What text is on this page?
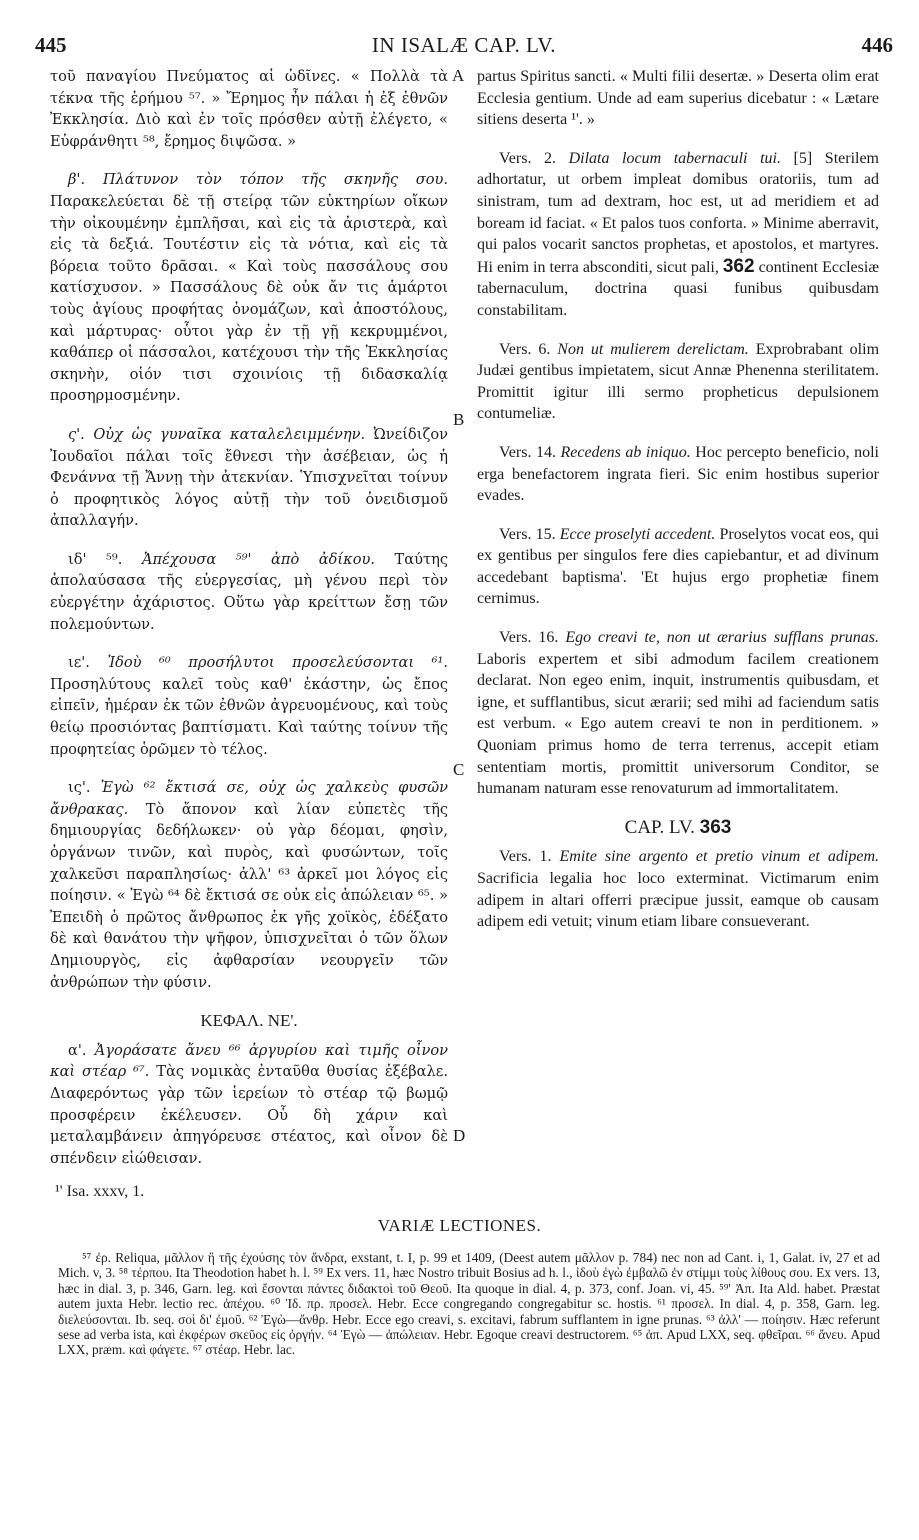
445	IN ISALÆ CAP. LV.	446

τοῦ παναγίου Πνεύματος αἱ ὠδῖνες. « Πολλὰ τὰ τέκνα τῆς ἐρήμου ⁵⁷. » Ἔρημος ἦν πάλαι ἡ ἐξ ἐθνῶν Ἐκκλησία. Διὸ καὶ ἐν τοῖς πρόσθεν αὐτῇ ἐλέγετο, « Εὐφράνθητι ⁵⁸, ἔρημος διψῶσα. »

β'. Πλάτυνον τὸν τόπον τῆς σκηνῆς σου. Παρακελεύεται δὲ τῇ στείρᾳ τῶν εὐκτηρίων οἴκων τὴν οἰκουμένην ἐμπλῆσαι, καὶ εἰς τὰ ἀριστερὰ, καὶ εἰς τὰ δεξιά. Τουτέστιν εἰς τὰ νότια, καὶ εἰς τὰ βόρεια τοῦτο δρᾶσαι. « Καὶ τοὺς πασσάλους σου κατίσχυσον. » Πασσάλους δὲ οὐκ ἄν τις ἁμάρτοι τοὺς ἁγίους προφήτας ὀνομάζων, καὶ ἀποστόλους, καὶ μάρτυρας· οὗτοι γὰρ ἐν τῇ γῇ κεκρυμμένοι, καθάπερ οἱ πάσσαλοι, κατέχουσι τὴν τῆς Ἐκκλησίας σκηνὴν, οἱόν τισι σχοινίοις τῇ διδασκαλίᾳ προσηρμοσμένην.

ς'. Οὐχ ὡς γυναῖκα καταλελειμμένην. Ὠνείδιζον Ἰουδαῖοι πάλαι τοῖς ἔθνεσι τὴν ἀσέβειαν, ὡς ἡ Φενάννα τῇ Ἄννῃ τὴν ἀτεκνίαν. Ὑπισχνεῖται τοίνυν ὁ προφητικὸς λόγος αὐτῇ τὴν τοῦ ὀνειδισμοῦ ἀπαλλαγήν.

ιδ' ⁵⁹. Ἀπέχουσα ⁵⁹' ἀπὸ ἀδίκου. Ταύτης ἀπολαύσασα τῆς εὐεργεσίας, μὴ γένου περὶ τὸν εὐεργέτην ἀχάριστος. Οὕτω γὰρ κρείττων ἔσῃ τῶν πολεμούντων.

ιε'. Ἰδοὺ ⁶⁰ προσήλυτοι προσελεύσονται ⁶¹. Προσηλύτους καλεῖ τοὺς καθ' ἑκάστην, ὡς ἔπος εἰπεῖν, ἡμέραν ἐκ τῶν ἐθνῶν ἀγρευομένους, καὶ τοὺς θείῳ προσιόντας βαπτίσματι. Καὶ ταύτης τοίνυν τῆς προφητείας ὁρῶμεν τὸ τέλος.

ις'. Ἐγὼ ⁶² ἔκτισά σε, οὐχ ὡς χαλκεὺς φυσῶν ἄνθρακας. Τὸ ἄπονον καὶ λίαν εὐπετὲς τῆς δημιουργίας δεδήλωκεν· οὐ γὰρ δέομαι, φησὶν, ὀργάνων τινῶν, καὶ πυρὸς, καὶ φυσώντων, τοῖς χαλκεῦσι παραπλησίως· ἀλλ' ⁶³ ἀρκεῖ μοι λόγος εἰς ποίησιν. « Ἐγὼ ⁶⁴ δὲ ἔκτισά σε οὐκ εἰς ἀπώλειαν ⁶⁵. » Ἐπειδὴ ὁ πρῶτος ἄνθρωπος ἐκ γῆς χοϊκὸς, ἐδέξατο δὲ καὶ θανάτου τὴν ψῆφον, ὑπισχνεῖται ὁ τῶν ὅλων Δημιουργὸς, εἰς ἀφθαρσίαν νεουργεῖν τῶν ἀνθρώπων τὴν φύσιν.

ΚΕΦΑΛ. ΝΕ'.

α'. Ἀγοράσατε ἄνευ ⁶⁶ ἀργυρίου καὶ τιμῆς οἶνον καὶ στέαρ ⁶⁷. Τὰς νομικὰς ἐνταῦθα θυσίας ἐξέβαλε. Διαφερόντως γὰρ τῶν ἱερείων τὸ στέαρ τῷ βωμῷ προσφέρειν ἐκέλευσεν. Οὗ δὴ χάριν καὶ μεταλαμβάνειν ἀπηγόρευσε στέατος, καὶ οἶνον δὲ σπένδειν εἰώθεισαν.

A
B
C
D

partus Spiritus sancti. « Multi filii desertæ. » Deserta olim erat Ecclesia gentium. Unde ad eam superius dicebatur : « Lætare sitiens deserta ¹'. »

Vers. 2. Dilata locum tabernaculi tui. [5] Sterilem adhortatur, ut orbem impleat domibus oratoriis, tum ad sinistram, tum ad dextram, hoc est, ut ad meridiem et ad boream id faciat. « Et palos tuos conforta. » Minime aberravit, qui palos vocarit sanctos prophetas, et apostolos, et martyres. Hi enim in terra absconditi, sicut pali, 362 continent Ecclesiæ tabernaculum, doctrina quasi funibus quibusdam constabilitam.

Vers. 6. Non ut mulierem derelictam. Exprobrabant olim Judæi gentibus impietatem, sicut Annæ Phenenna sterilitatem. Promittit igitur illi sermo propheticus depulsionem contumeliæ.

Vers. 14. Recedens ab iniquo. Hoc percepto beneficio, noli erga benefactorem ingrata fieri. Sic enim hostibus superior evades.

Vers. 15. Ecce proselyti accedent. Proselytos vocat eos, qui ex gentibus per singulos fere dies capiebantur, et ad divinum accedebant baptisma'. 'Et hujus ergo prophetiæ finem cernimus.

Vers. 16. Ego creavi te, non ut ærarius sufflans prunas. Laboris expertem et sibi admodum facilem creationem declarat. Non egeo enim, inquit, instrumentis quibusdam, et igne, et sufflantibus, sicut ærarii; sed mihi ad faciendum satis est verbum. « Ego autem creavi te non in perditionem. » Quoniam primus homo de terra terrenus, accepit etiam sententiam mortis, promittit universorum Conditor, se humanam naturam esse renovaturum ad immortalitatem.

CAP. LV. 363

Vers. 1. Emite sine argento et pretio vinum et adipem. Sacrificia legalia hoc loco exterminat. Victimarum enim adipem in altari offerri præcipue jussit, eamque ob causam adipem edi vetuit; vinum etiam libare consueverant.

¹' Isa. xxxv, 1.
VARIÆ LECTIONES.

⁵⁷ ἐρ. Reliqua, μᾶλλον ἢ τῆς ἐχούσης τὸν ἄνδρα, exstant, t. I, p. 99 et 1409, (Deest autem μᾶλλον p. 784) nec non ad Cant. i, 1, Galat. iv, 27 et ad Mich. v, 3. ⁵⁸ τέρπου. Ita Theodotion habet h. l. ⁵⁹ Ex vers. 11, hæc Nostro tribuit Bosius ad h. l., ἰδοὺ ἐγὼ ἐμβαλῶ ἐν στίμμι τοὺς λίθους σου. Ex vers. 13, hæc in dial. 3, p. 346, Garn. leg. καὶ ἔσονται πάντες διδακτοὶ τοῦ Θεοῦ. Ita quoque in dial. 4, p. 373, conf. Joan. vi, 45. ⁵⁹' Ἀπ. Ita Ald. habet. Præstat autem juxta Hebr. lectio rec. ἀπέχου. ⁶⁰ Ἰδ. πρ. προσελ. Hebr. Ecce congregando congregabitur sc. hostis. ⁶¹ προσελ. In dial. 4, p. 358, Garn. leg. διελεύσονται. Ib. seq. σοὶ δι' ἐμοῦ. ⁶² Ἐγὼ—ἄνθρ. Hebr. Ecce ego creavi, s. excitavi, fabrum sufflantem in igne prunas. ⁶³ ἀλλ' — ποίησιν. Hæc referunt sese ad verba ista, καὶ ἐκφέρων σκεῦος εἰς ὀργήν. ⁶⁴ Ἐγὼ — ἀπώλειαν. Hebr. Egoque creavi destructorem. ⁶⁵ ἀπ. Apud LXX, seq. φθεῖραι. ⁶⁶ ἄνευ. Apud LXX, præm. καὶ φάγετε. ⁶⁷ στέαρ. Hebr. lac.
